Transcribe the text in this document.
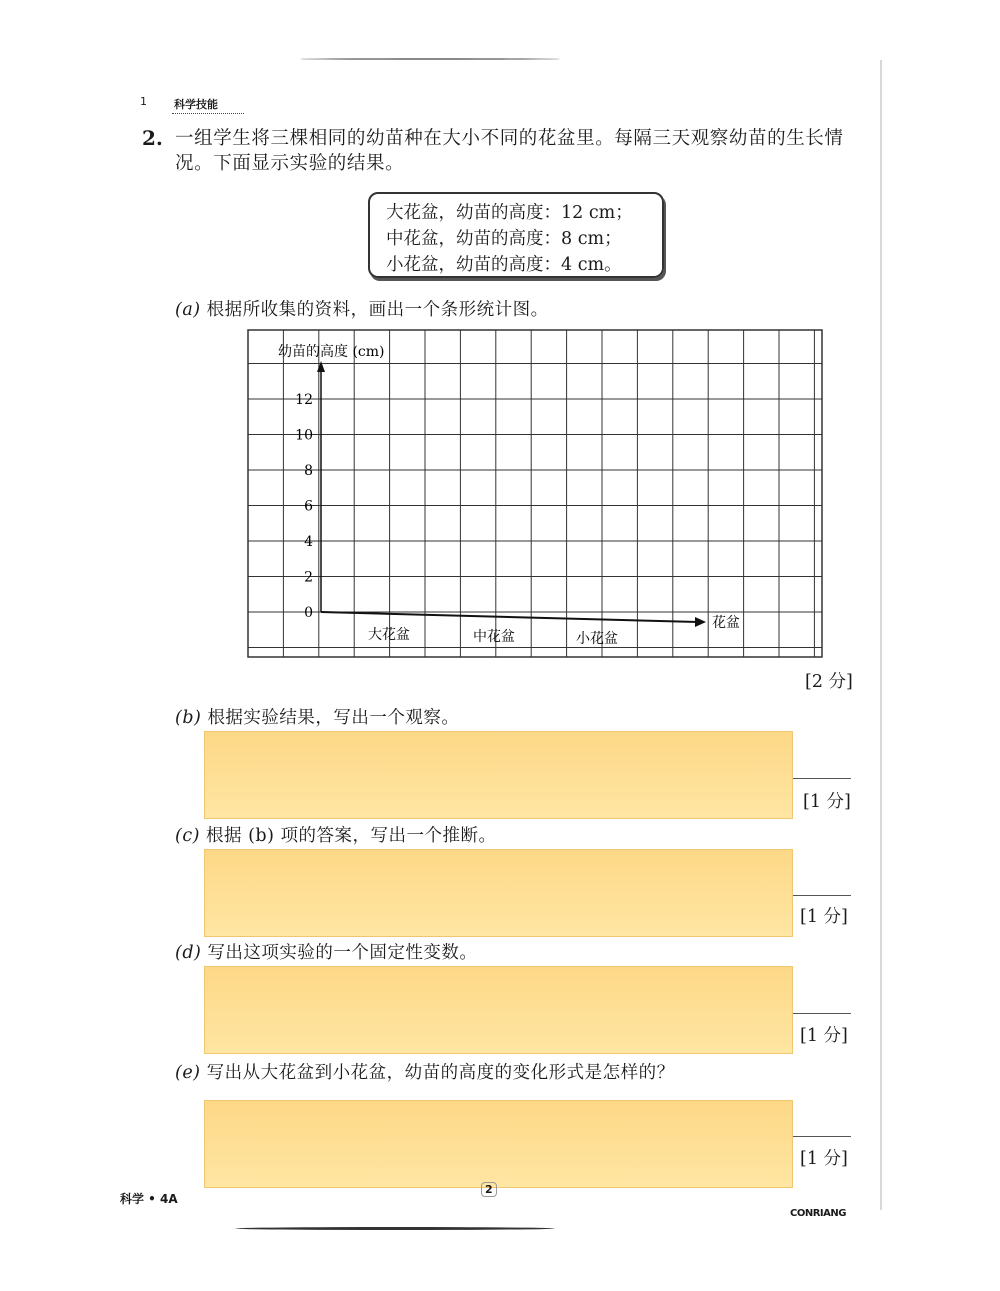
1 科学技能
2. 一组学生将三棵相同的幼苗种在大小不同的花盆里。每隔三天观察幼苗的生长情况。下面显示实验的结果。
大花盆，幼苗的高度：12 cm；
中花盆，幼苗的高度：8 cm；
小花盆，幼苗的高度：4 cm。
(a) 根据所收集的资料，画出一个条形统计图。
幼苗的高度 (cm)
花盆
0
2
4
6
8
10
12
大花盆	中花盆	小花盆
[2 分]
(b) 根据实验结果，写出一个观察。
[1 分]
(c) 根据 (b) 项的答案，写出一个推断。
[1 分]
(d) 写出这项实验的一个固定性变数。
[1 分]
(e) 写出从大花盆到小花盆，幼苗的高度的变化形式是怎样的？
[1 分]
科学 • 4A
2
CONRIANG
